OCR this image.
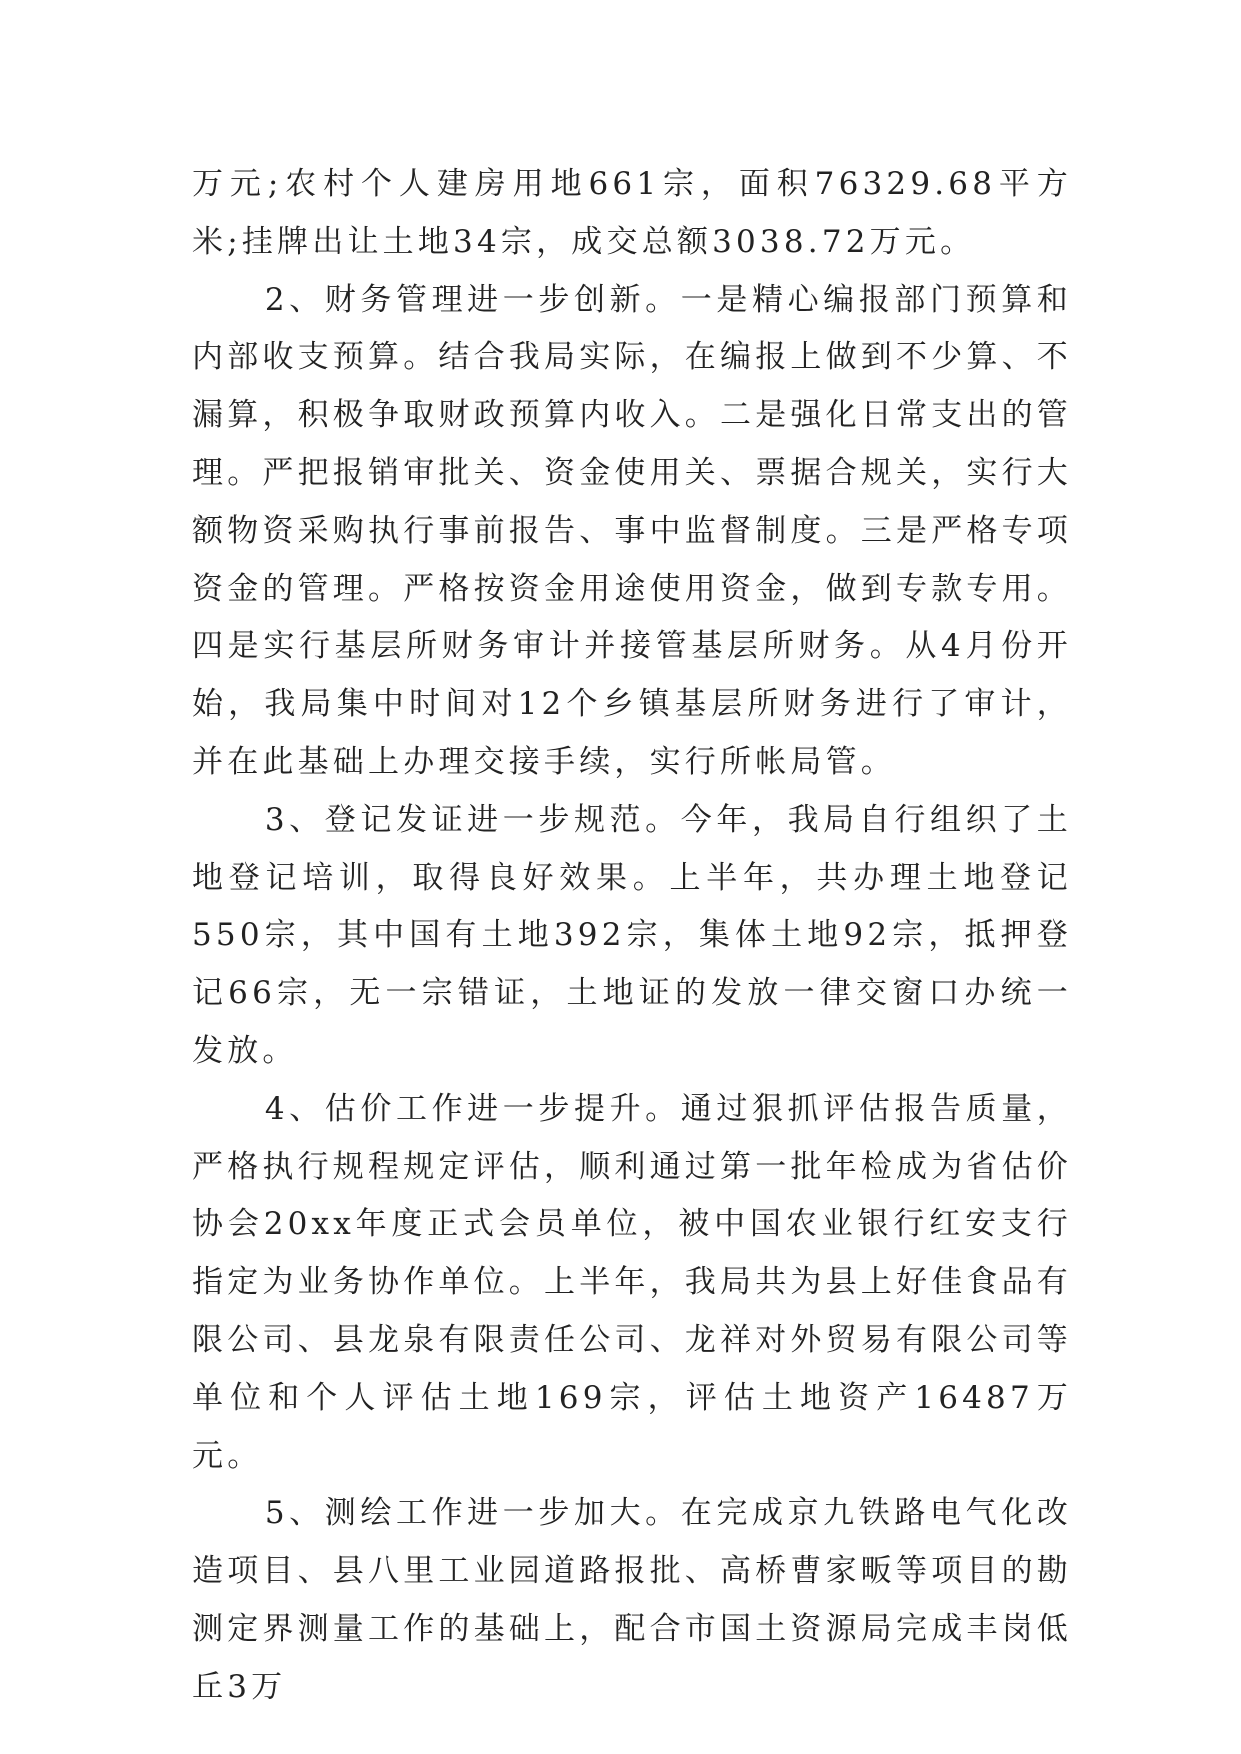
万元;农村个人建房用地661宗，面积76329.68平方米;挂牌出让土地34宗，成交总额3038.72万元。

2、财务管理进一步创新。一是精心编报部门预算和内部收支预算。结合我局实际，在编报上做到不少算、不漏算，积极争取财政预算内收入。二是强化日常支出的管理。严把报销审批关、资金使用关、票据合规关，实行大额物资采购执行事前报告、事中监督制度。三是严格专项资金的管理。严格按资金用途使用资金，做到专款专用。四是实行基层所财务审计并接管基层所财务。从4月份开始，我局集中时间对12个乡镇基层所财务进行了审计，并在此基础上办理交接手续，实行所帐局管。

3、登记发证进一步规范。今年，我局自行组织了土地登记培训，取得良好效果。上半年，共办理土地登记550宗，其中国有土地392宗，集体土地92宗，抵押登记66宗，无一宗错证，土地证的发放一律交窗口办统一发放。

4、估价工作进一步提升。通过狠抓评估报告质量，严格执行规程规定评估，顺利通过第一批年检成为省估价协会20xx年度正式会员单位，被中国农业银行红安支行指定为业务协作单位。上半年，我局共为县上好佳食品有限公司、县龙泉有限责任公司、龙祥对外贸易有限公司等单位和个人评估土地169宗，评估土地资产16487万元。

5、测绘工作进一步加大。在完成京九铁路电气化改造项目、县八里工业园道路报批、高桥曹家畈等项目的勘测定界测量工作的基础上，配合市国土资源局完成丰岗低丘3万
